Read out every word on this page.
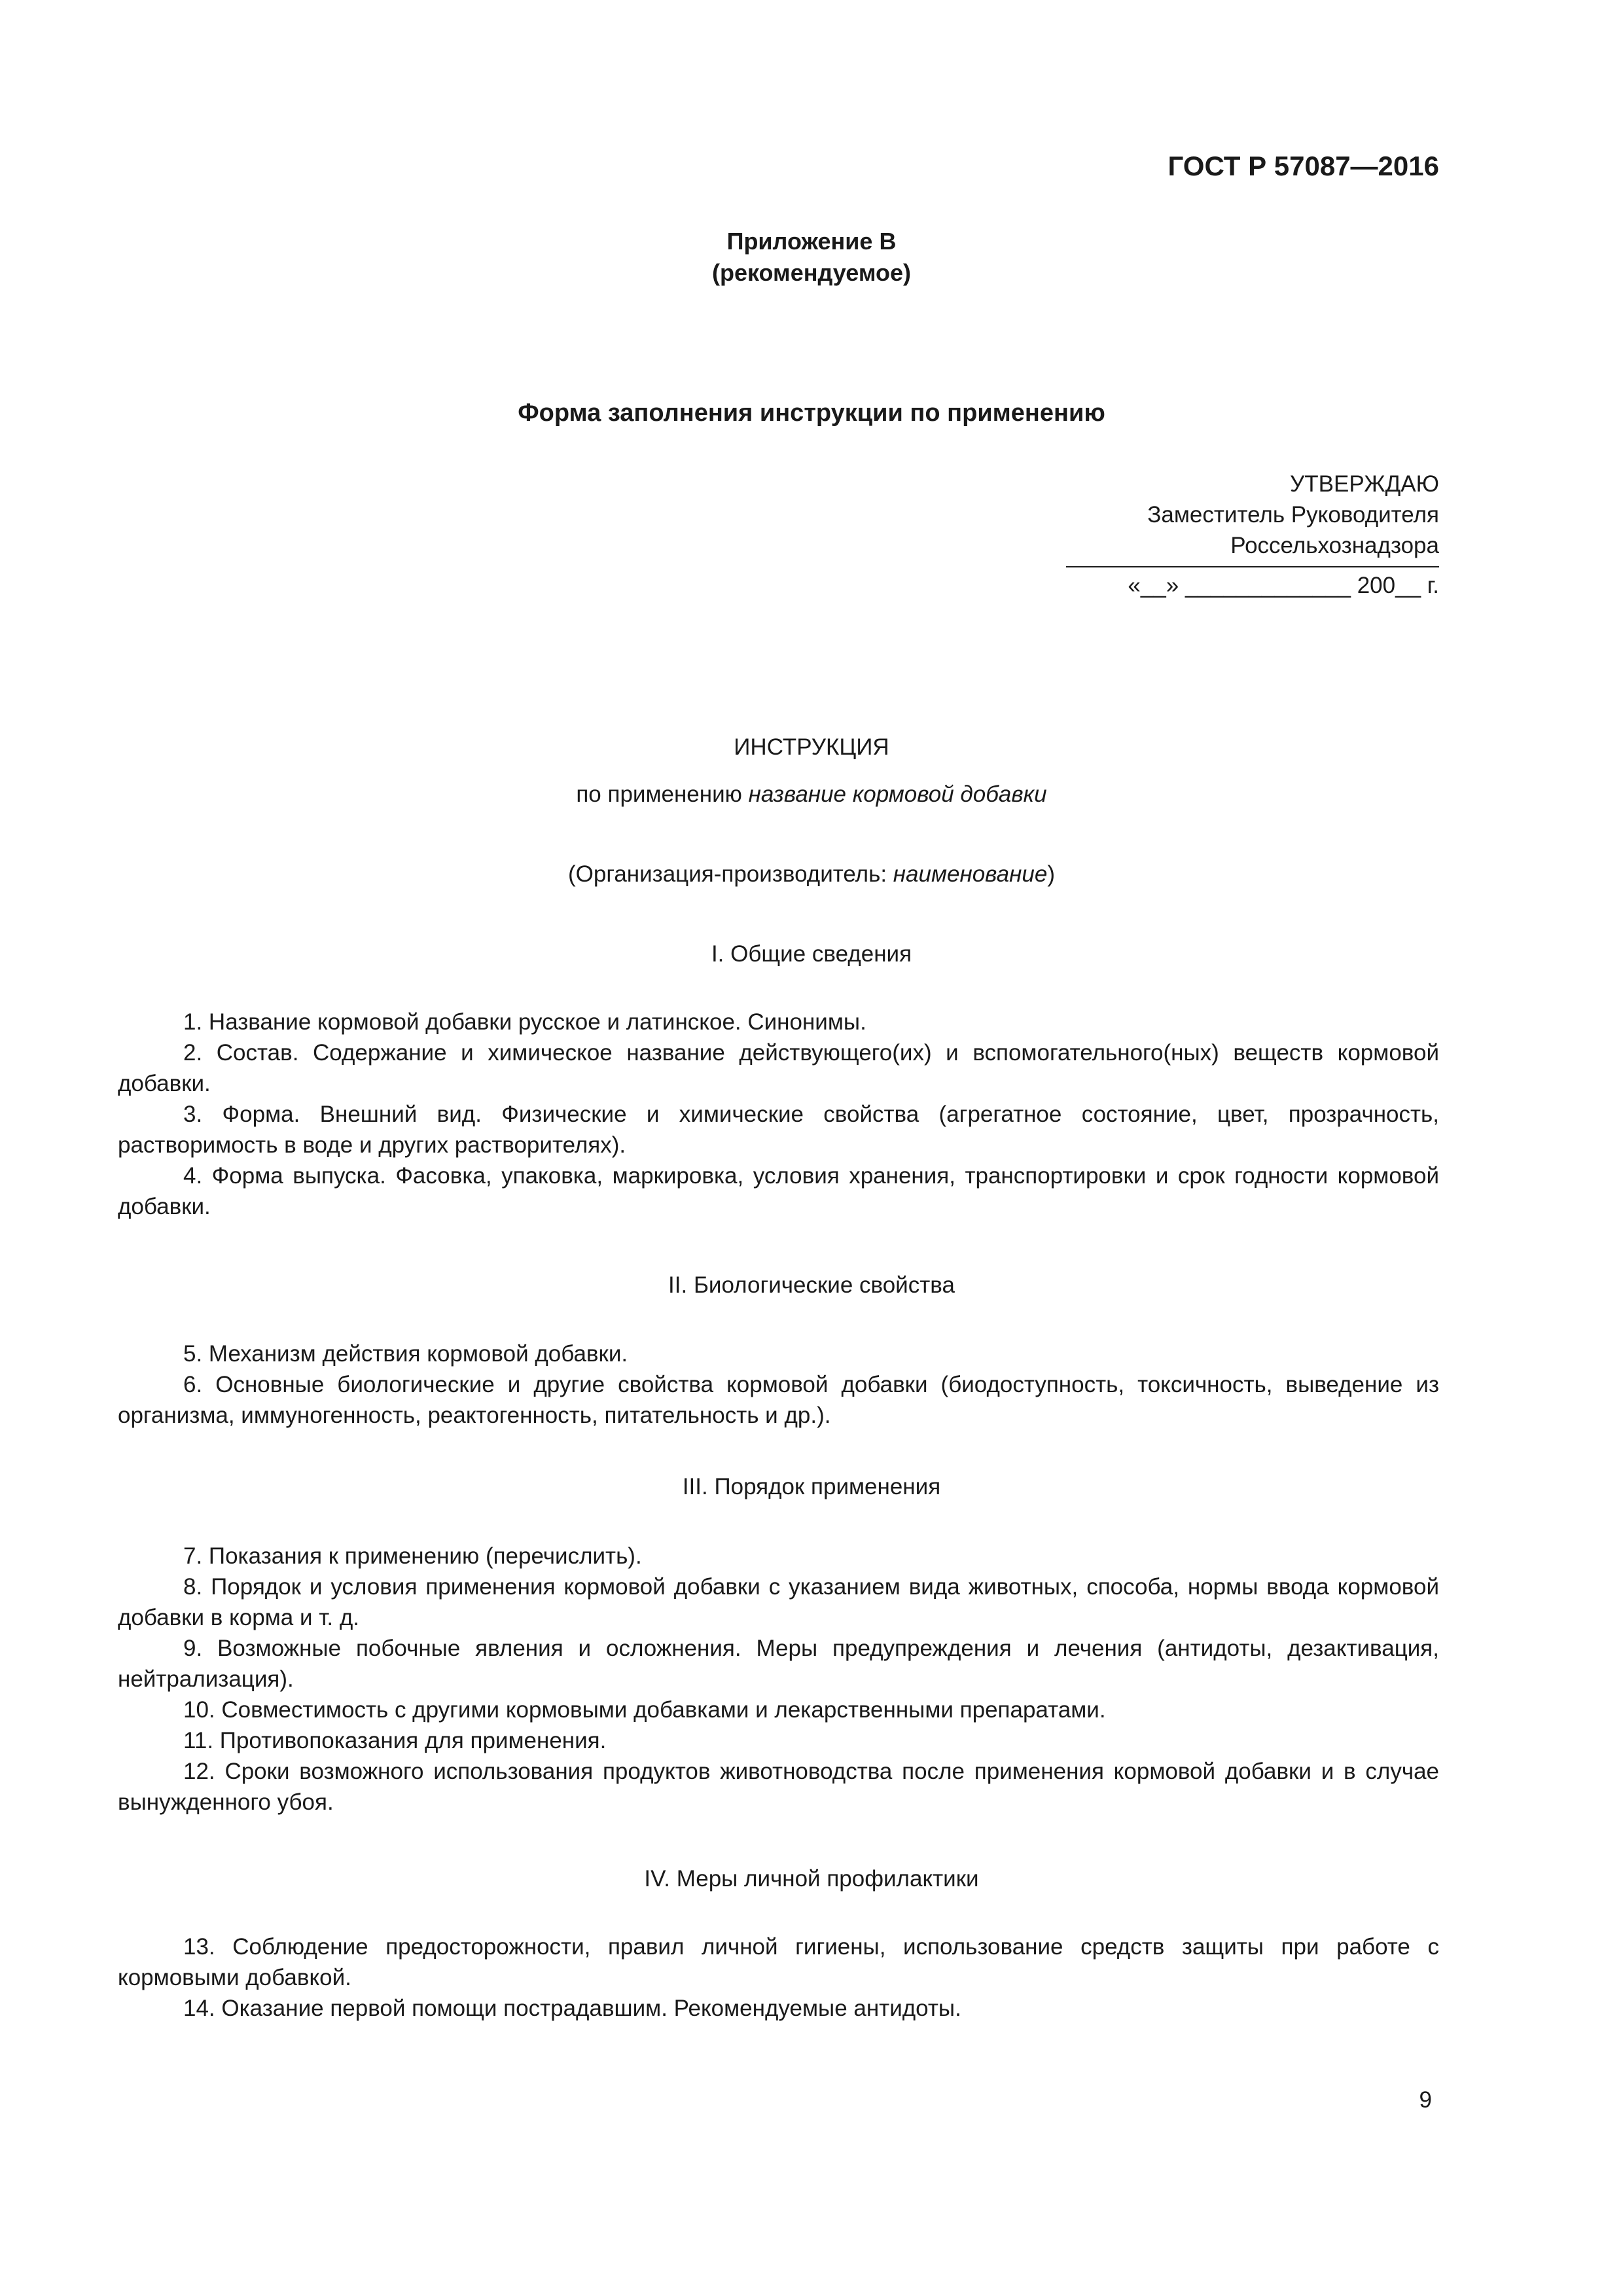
ГОСТ Р 57087—2016
Приложение В
(рекомендуемое)
Форма заполнения инструкции по применению
УТВЕРЖДАЮ
Заместитель Руководителя
Россельхознадзора
«__» _____________ 200__ г.
ИНСТРУКЦИЯ
по применению название кормовой добавки
(Организация-производитель: наименование)
I. Общие сведения

1. Название кормовой добавки русское и латинское. Синонимы.

2. Состав. Содержание и химическое название действующего(их) и вспомогательного(ных) веществ кормовой добавки.

3. Форма. Внешний вид. Физические и химические свойства (агрегатное состояние, цвет, прозрачность, растворимость в воде и других растворителях).

4. Форма выпуска. Фасовка, упаковка, маркировка, условия хранения, транспортировки и срок годности кормовой добавки.

II. Биологические свойства

5. Механизм действия кормовой добавки.

6. Основные биологические и другие свойства кормовой добавки (биодоступность, токсичность, выведение из организма, иммуногенность, реактогенность, питательность и др.).

III. Порядок применения

7. Показания к применению (перечислить).

8. Порядок и условия применения кормовой добавки с указанием вида животных, способа, нормы ввода кормовой добавки в корма и т. д.

9. Возможные побочные явления и осложнения. Меры предупреждения и лечения (антидоты, дезактивация, нейтрализация).

10. Совместимость с другими кормовыми добавками и лекарственными препаратами.

11. Противопоказания для применения.

12. Сроки возможного использования продуктов животноводства после применения кормовой добавки и в случае вынужденного убоя.

IV. Меры личной профилактики

13. Соблюдение предосторожности, правил личной гигиены, использование средств защиты при работе с кормовыми добавкой.

14. Оказание первой помощи пострадавшим. Рекомендуемые антидоты.

9
